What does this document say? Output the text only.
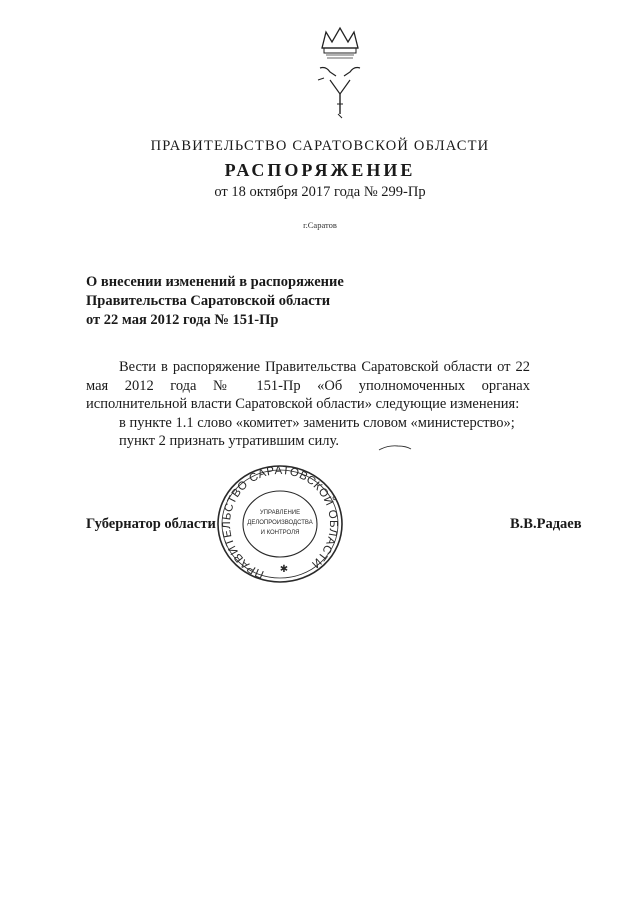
ПРАВИТЕЛЬСТВО САРАТОВСКОЙ ОБЛАСТИ
РАСПОРЯЖЕНИЕ
от 18 октября 2017 года № 299-Пр
г.Саратов
О внесении изменений в распоряжение
Правительства Саратовской области
от 22 мая 2012 года № 151-Пр
Вести в распоряжение Правительства Саратовской области от 22 мая 2012 года № 151-Пр «Об уполномоченных органах исполнительной власти Саратовской области» следующие изменения:
в пункте 1.1 слово «комитет» заменить словом «министерство»;
пункт 2 признать утратившим силу.
Губернатор области	В.В.Радаев
ПРАВИТЕЛЬСТВО САРАТОВСКОЙ ОБЛАСТИ
УПРАВЛЕНИЕ
ДЕЛОПРОИЗВОДСТВА
И КОНТРОЛЯ
✱
